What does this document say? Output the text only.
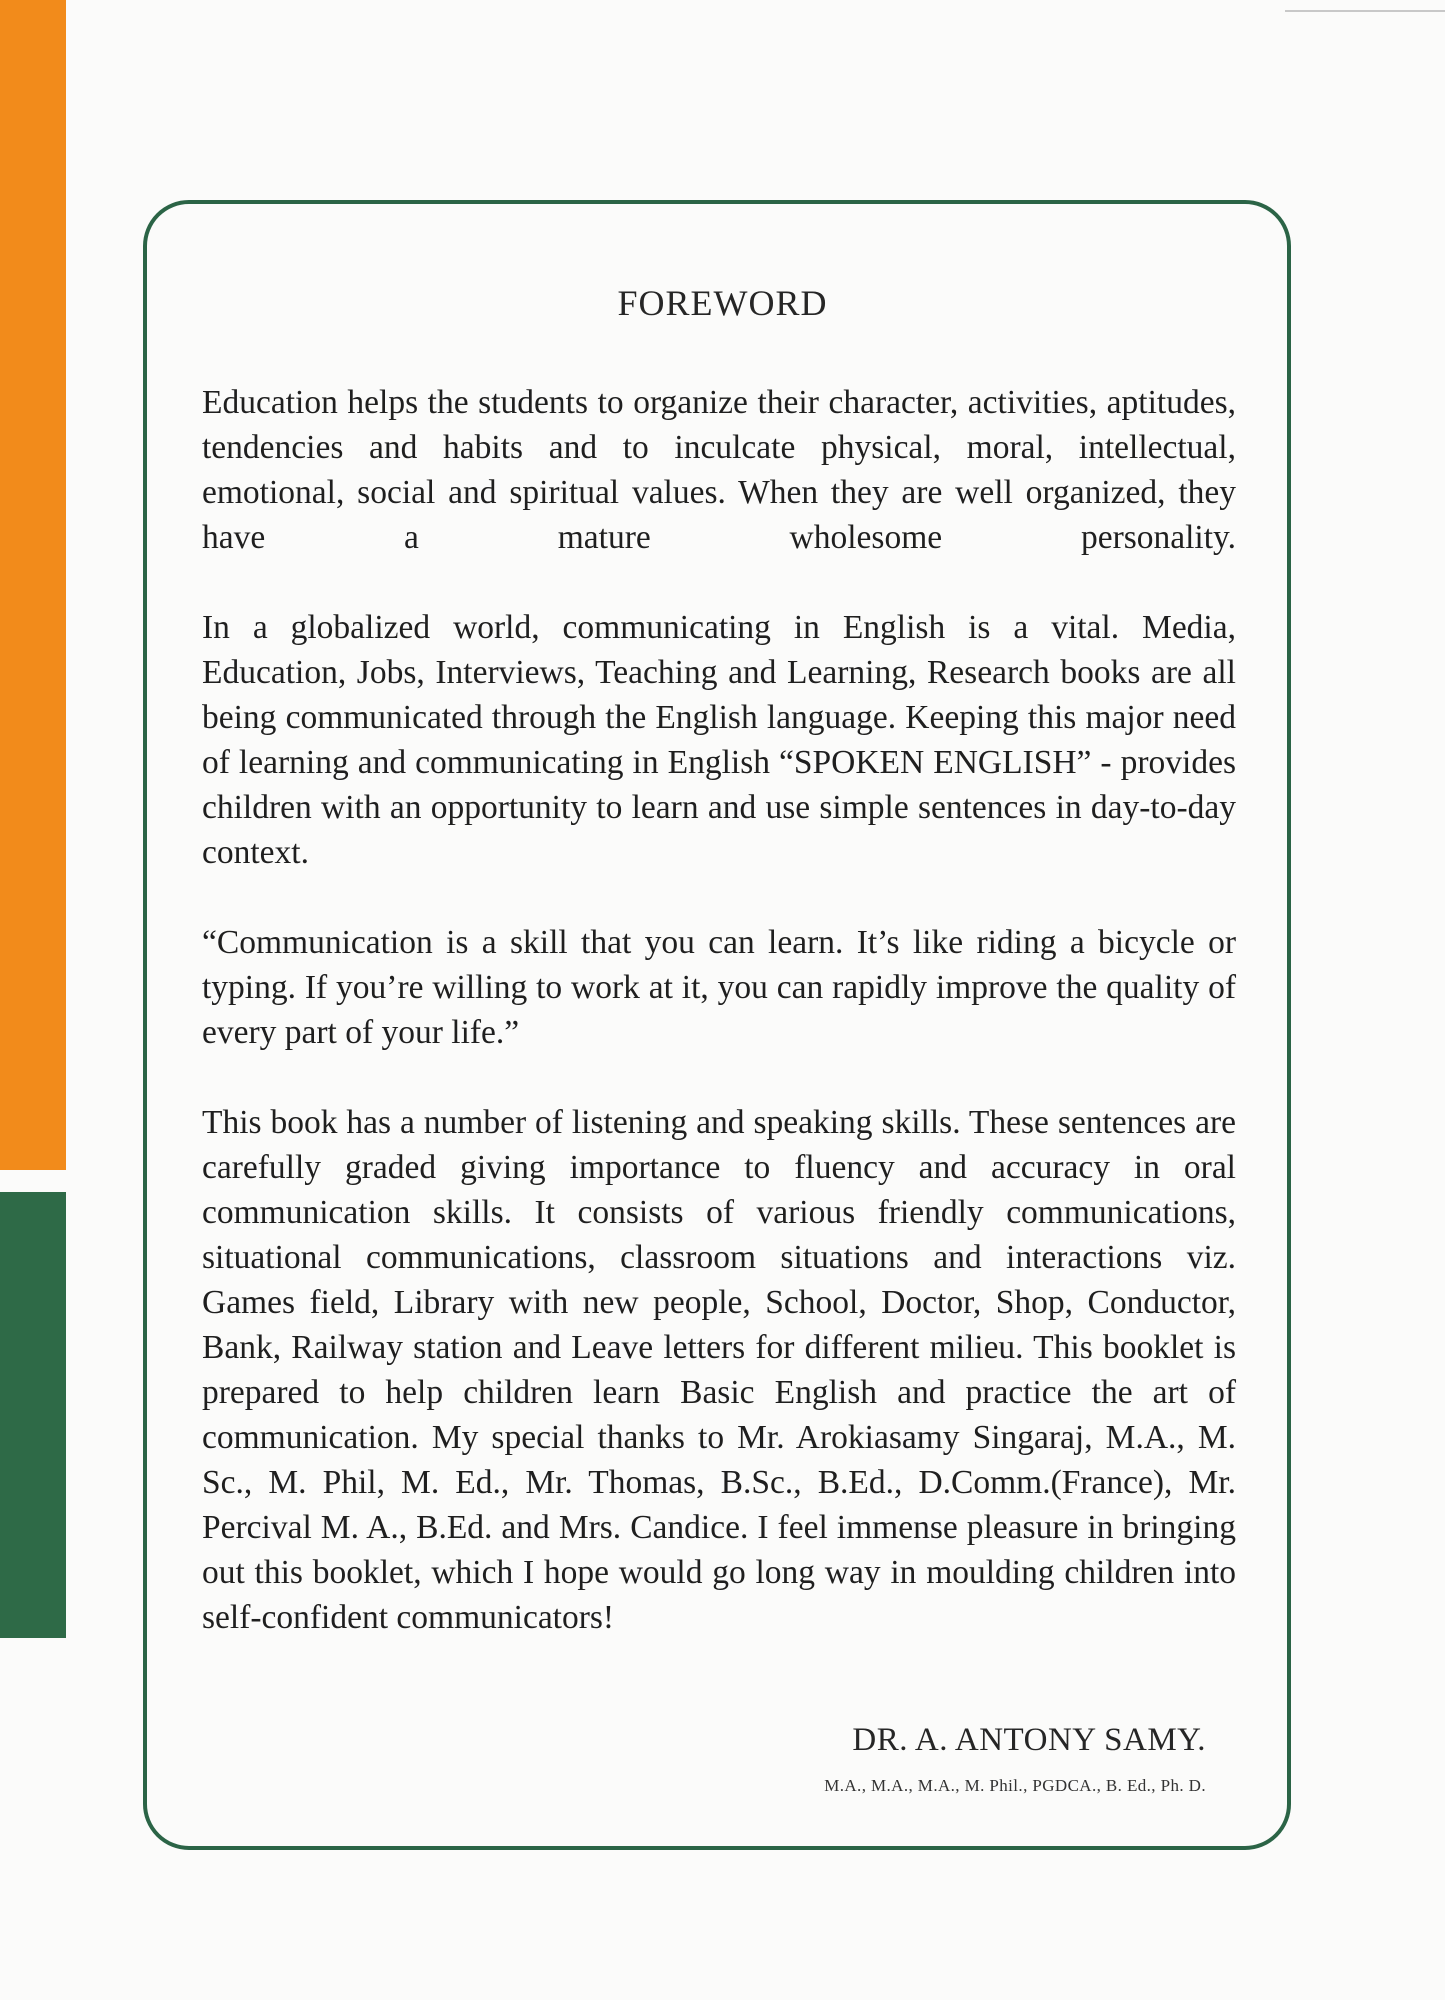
FOREWORD

Education helps the students to organize their character, activities, aptitudes, tendencies and habits and to inculcate physical, moral, intellectual, emotional, social and spiritual values. When they are well organized, they have a mature wholesome personality.

In a globalized world, communicating in English is a vital. Media, Education, Jobs, Interviews, Teaching and Learning, Research books are all being communicated through the English language. Keeping this major need of learning and communicating in English “SPOKEN ENGLISH” - provides children with an opportunity to learn and use simple sentences in day-to-day context.

“Communication is a skill that you can learn. It’s like riding a bicycle or typing. If you’re willing to work at it, you can rapidly improve the quality of every part of your life.”

This book has a number of listening and speaking skills. These sentences are carefully graded giving importance to fluency and accuracy in oral communication skills. It consists of various friendly communications, situational communications, classroom situations and interactions viz. Games field, Library with new people, School, Doctor, Shop, Conductor, Bank, Railway station and Leave letters for different milieu. This booklet is prepared to help children learn Basic English and practice the art of communication. My special thanks to Mr. Arokiasamy Singaraj, M.A., M. Sc., M. Phil, M. Ed., Mr. Thomas, B.Sc., B.Ed., D.Comm.(France), Mr. Percival M. A., B.Ed. and Mrs. Candice. I feel immense pleasure in bringing out this booklet, which I hope would go long way in moulding children into self-confident communicators!

DR. A. ANTONY SAMY.
M.A., M.A., M.A., M. Phil., PGDCA., B. Ed., Ph. D.
